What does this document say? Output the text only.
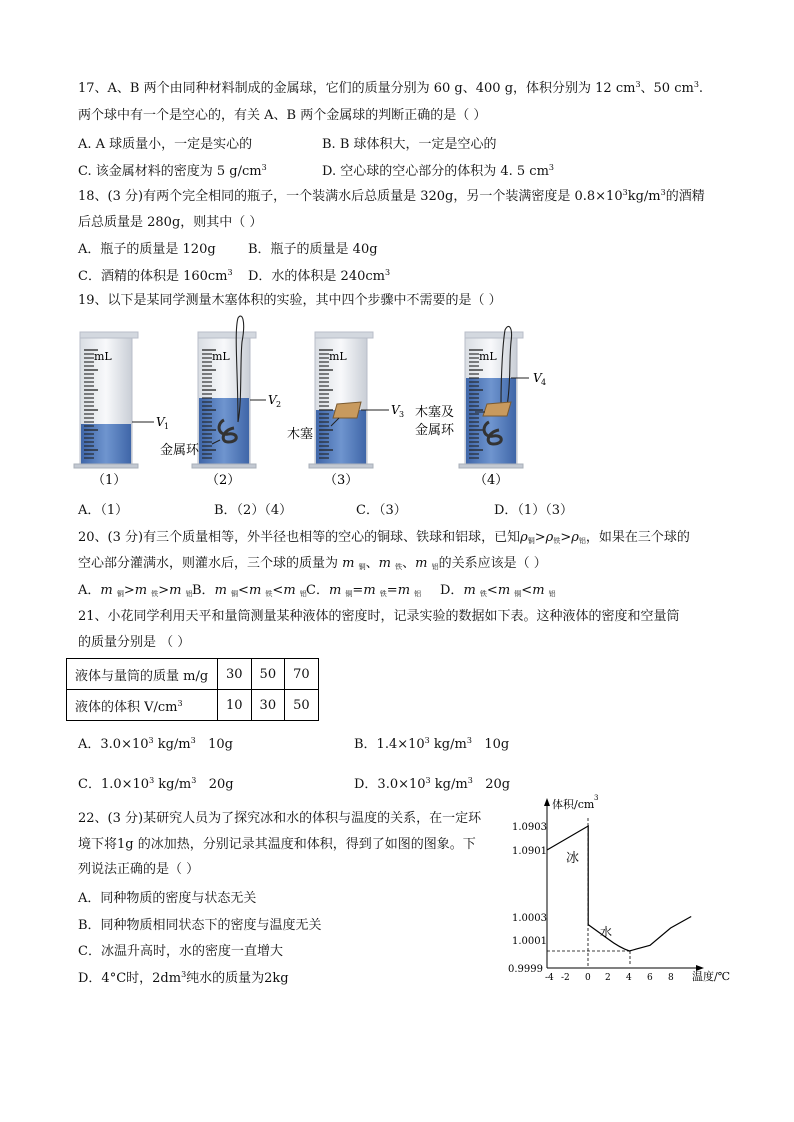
17、A、B 两个由同种材料制成的金属球，它们的质量分别为 60 g、400 g，体积分别为 12 $cm^3$、50 $cm^3$.
两个球中有一个是空心的，有关 A、B 两个金属球的判断正确的是（ ）
A. A 球质量小，一定是实心的	B. B 球体积大，一定是空心的
C. 该金属材料的密度为 5 $g/cm^3$	D. 空心球的空心部分的体积为 4. 5 $cm^3$
18、(3 分)有两个完全相同的瓶子，一个装满水后总质量是 320g，另一个装满密度是 $0.8\times 10^3kg/m^3$的酒精
后总质量是 280g，则其中（ ）
A．瓶子的质量是 120g B．瓶子的质量是 40g
C．酒精的体积是 $160cm^3$ D．水的体积是 $240cm^3$
19、以下是某同学测量木塞体积的实验，其中四个步骤中不需要的是（ ）
mL
V 1
mL
V 2
金属环
mL
V 3
木塞
mL
V 4
木塞及
金属环
（1）	（2）	（3）	（4）
A．（1）	B．（2）（4）	C．（3）	D．（1）（3）
20、(3 分)有三个质量相等，外半径也相等的空心的铜球、铁球和铝球，已知$\rho_铜>\rho_铁>\rho_铝$，如果在三个球的
空心部分灌满水，则灌水后，三个球的质量为 m $_铜$、m $_铁$、m $_铝$的关系应该是（ ）
A．m $_铜$>m $_铁$>m $_铝$ B．m $_铜$<m $_铁$<m $_铝$ C．m $_铜$=m $_铁$=m $_铝$ D．m $_铁$<m $_铜$<m $_铝$
21、小花同学利用天平和量筒测量某种液体的密度时，记录实验的数据如下表。这种液体的密度和空量筒
的质量分别是 （ ）
液体与量筒的质量 m/g	30	50	70
液体的体积 $V/cm^3$	10	30	50
A．$3.0\times 10^3$ $kg/m^3$ 10g	B．$1.4\times 10^3$ $kg/m^3$ 10g
C．$1.0\times 10^3$ $kg/m^3$ 20g	D．$3.0\times 10^3$ $kg/m^3$ 20g
22、(3 分)某研究人员为了探究冰和水的体积与温度的关系，在一定环
境下将1g 的冰加热，分别记录其温度和体积，得到了如图的图象。下
列说法正确的是（ ）
A．同种物质的密度与状态无关
B．同种物质相同状态下的密度与温度无关
C．冰温升高时，水的密度一直增大
D．4°C时，$2dm^3$纯水的质量为2kg
体积/cm 3
温度/℃
1.0903
1.0901
1.0003
1.0001
0.9999
-4 -2 0 2 4 6 8
冰
水
